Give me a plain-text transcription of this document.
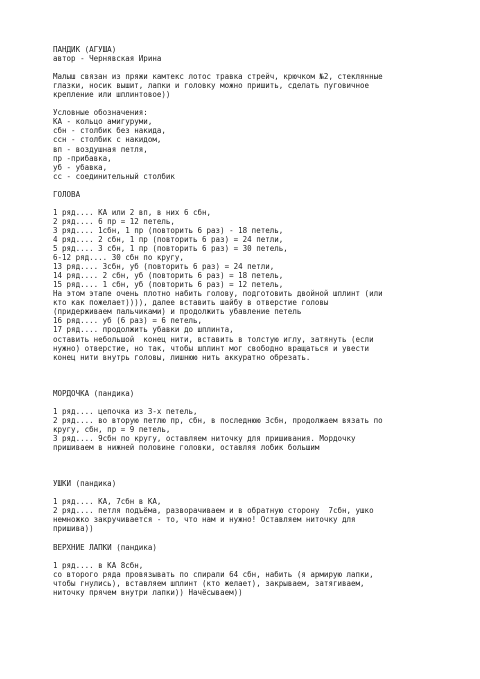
ПАНДИК (АГУША)
автор - Чернявская Ирина
Малыш связан из пряжи камтекс лотос травка стрейч, крючком №2, стеклянные
глазки, носик вышит, лапки и головку можно пришить, сделать пуговичное
крепление или шплинтовое))
Условные обозначения:
КА - кольцо амигуруми,
сбн - столбик без накида,
ссн - столбик с накидом,
вп - воздушная петля,
пр -прибавка,
уб - убавка,
сс - соединительный столбик
ГОЛОВА
1 ряд.... КА или 2 вп, в них 6 сбн,
2 ряд.... 6 пр = 12 петель,
3 ряд.... 1сбн, 1 пр (повторить 6 раз) - 18 петель,
4 ряд.... 2 сбн, 1 пр (повторить 6 раз) = 24 петли,
5 ряд.... 3 сбн, 1 пр (повторить 6 раз) = 30 петель,
6-12 ряд.... 30 сбн по кругу,
13 ряд.... 3сбн, уб (повторить 6 раз) = 24 петли,
14 ряд.... 2 сбн, уб (повторить 6 раз) = 18 петель,
15 ряд.... 1 сбн, уб (повторить 6 раз) = 12 петель,
На этом этапе очень плотно набить голову, подготовить двойной шплинт (или
кто как пожелает)))), далее вставить шайбу в отверстие головы
(придерживаем пальчиками) и продолжить убавление петель
16 ряд.... уб (6 раз) = 6 петель,
17 ряд.... продолжить убавки до шплинта,
оставить небольшой  конец нити, вставить в толстую иглу, затянуть (если
нужно) отверстие, но так, чтобы шплинт мог свободно вращаться и увести
конец нити внутрь головы, лишнюю нить аккуратно обрезать.
МОРДОЧКА (пандика)
1 ряд.... цепочка из 3-х петель,
2 ряд.... во вторую петлю пр, сбн, в последнюю 3сбн, продолжаем вязать по
кругу, сбн, пр = 9 петель,
3 ряд.... 9сбн по кругу, оставляем ниточку для пришивания. Мордочку
пришиваем в нижней половине головки, оставляя лобик большим
УШКИ (пандика)
1 ряд.... КА, 7сбн в КА,
2 ряд.... петля подъёма, разворачиваем и в обратную сторону  7сбн, ушко
немножко закручивается - то, что нам и нужно! Оставляем ниточку для
пришива))
ВЕРХНИЕ ЛАПКИ (пандика)
1 ряд.... в КА 8сбн,
со второго ряда провязывать по спирали 64 сбн, набить (я армирую лапки,
чтобы гнулись), вставляем шплинт (кто желает), закрываем, затягиваем,
ниточку прячем внутри лапки)) Начёсываем))
